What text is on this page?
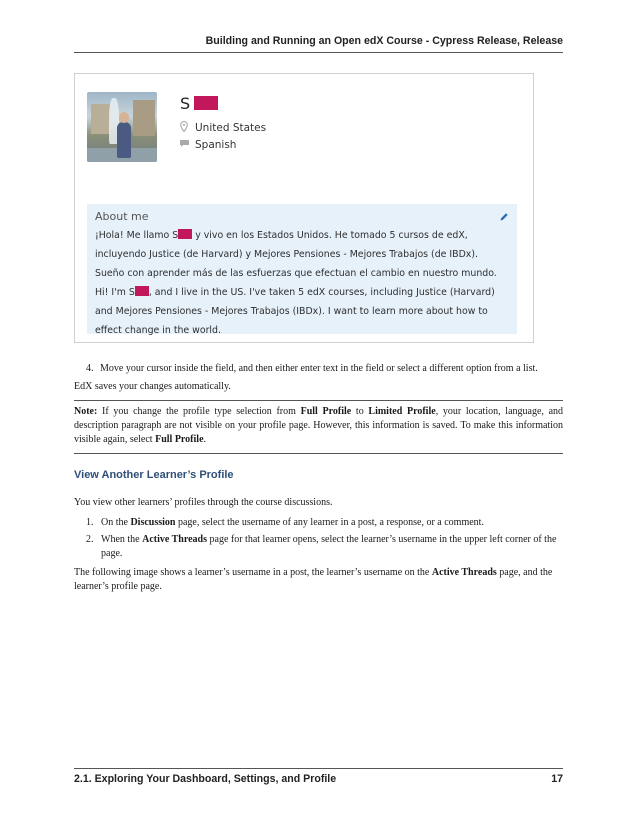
Building and Running an Open edX Course - Cypress Release, Release
S
United States
Spanish
About me

¡Hola! Me llamo S y vivo en los Estados Unidos. He tomado 5 cursos de edX, incluyendo Justice (de Harvard) y Mejores Pensiones - Mejores Trabajos (de IBDx). Sueño con aprender más de las esfuerzas que efectuan el cambio en nuestro mundo.

Hi! I'm S , and I live in the US. I've taken 5 edX courses, including Justice (Harvard) and Mejores Pensiones - Mejores Trabajos (IBDx). I want to learn more about how to effect change in the world.

4. Move your cursor inside the field, and then either enter text in the field or select a different option from a list.

EdX saves your changes automatically.

Note: If you change the profile type selection from Full Profile to Limited Profile, your location, language, and description paragraph are not visible on your profile page. However, this information is saved. To make this information visible again, select Full Profile.
View Another Learner’s Profile

You view other learners’ profiles through the course discussions.

1. On the Discussion page, select the username of any learner in a post, a response, or a comment.
2. When the Active Threads page for that learner opens, select the learner’s username in the upper left corner of the page.

The following image shows a learner’s username in a post, the learner’s username on the Active Threads page, and the learner’s profile page.

2.1. Exploring Your Dashboard, Settings, and Profile	17
